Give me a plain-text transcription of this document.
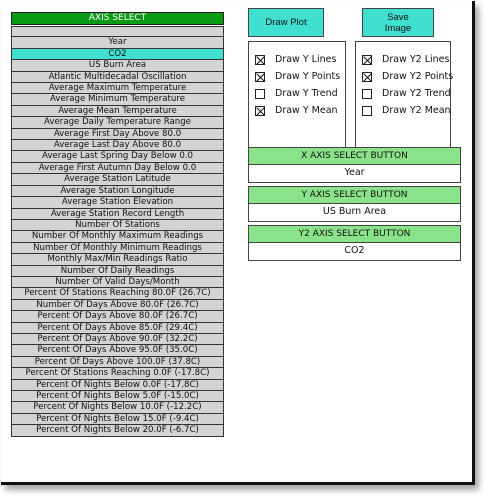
AXIS SELECT
Year
CO2
US Burn Area
Atlantic Multidecadal Oscillation
Average Maximum Temperature
Average Minimum Temperature
Average Mean Temperature
Average Daily Temperature Range
Average First Day Above 80.0
Average Last Day Above 80.0
Average Last Spring Day Below 0.0
Average First Autumn Day Below 0.0
Average Station Latitude
Average Station Longitude
Average Station Elevation
Average Station Record Length
Number Of Stations
Number Of Monthly Maximum Readings
Number Of Monthly Minimum Readings
Monthly Max/Min Readings Ratio
Number Of Daily Readings
Number Of Valid Days/Month
Percent Of Stations Reaching 80.0F (26.7C)
Number Of Days Above 80.0F (26.7C)
Percent Of Days Above 80.0F (26.7C)
Percent Of Days Above 85.0F (29.4C)
Percent Of Days Above 90.0F (32.2C)
Percent Of Days Above 95.0F (35.0C)
Percent Of Days Above 100.0F (37.8C)
Percent Of Stations Reaching 0.0F (-17.8C)
Percent Of Nights Below 0.0F (-17.8C)
Percent Of Nights Below 5.0F (-15.0C)
Percent Of Nights Below 10.0F (-12.2C)
Percent Of Nights Below 15.0F (-9.4C)
Percent Of Nights Below 20.0F (-6.7C)
Draw Plot	Save
Image
Draw Y Lines
Draw Y Points
Draw Y Trend
Draw Y Mean
Draw Y2 Lines
Draw Y2 Points
Draw Y2 Trend
Draw Y2 Mean
X AXIS SELECT BUTTON
Year
Y AXIS SELECT BUTTON
US Burn Area
Y2 AXIS SELECT BUTTON
CO2
